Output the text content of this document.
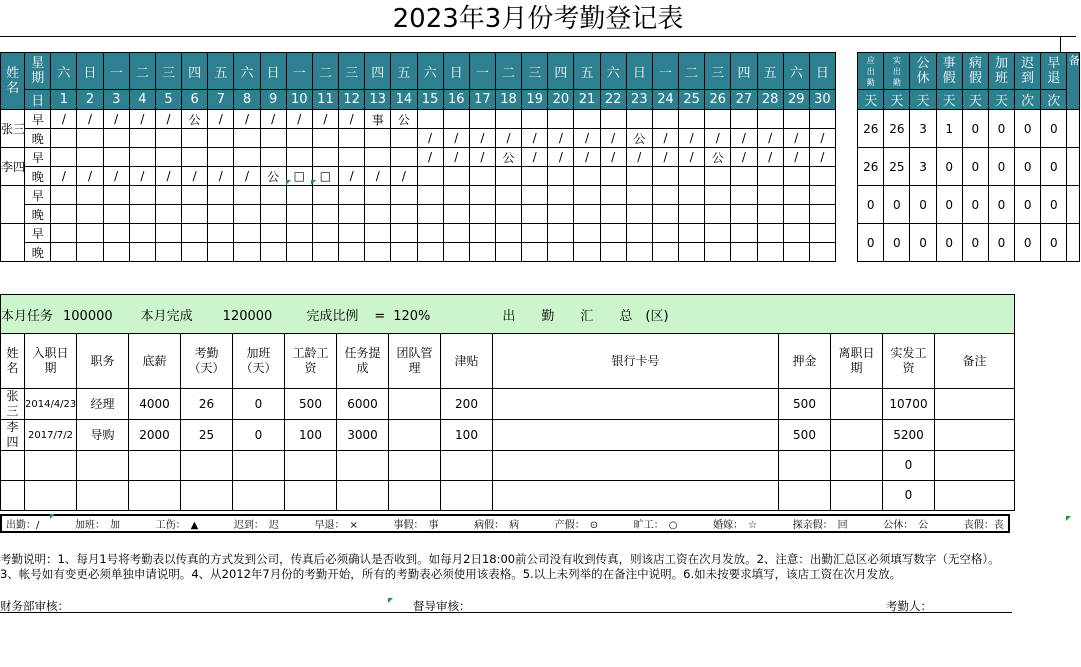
2023年3月份考勤登记表
姓名	星期	六	日	一	二	三	四	五	六	日	一	二	三	四	五	六	日	一	二	三	四	五	六	日	一	二	三	四	五	六	日		应出勤	实出勤	公休	事假	病假	加班	迟到	早退	备

	日	1	2	3	4	5	6	7	8	9	10	11	12	13	14	15	16	17	18	19	20	21	22	23	24	25	26	27	28	29	30		天	天	天	天	天	天	次	次	
张三	早	/	/	/	/	/	公	/	/	/	/	/	/	事	公																		26	26	3	1	0	0	0	0	
	晚															/	/	/	/	/	/	/	/	公	/	/	/	/	/	/	/										
李四	早															/	/	/	公	/	/	/	/	/	/	/	公	/	/	/	/		26	25	3	0	0	0	0	0	
	晚	/	/	/	/	/	/	/	/	公	□	□	/	/	/																										
	早																																0	0	0	0	0	0	0	0	
	晚																																								
	早																																0	0	0	0	0	0	0	0	
	晚																																								
本月任务 100000 本月完成 120000 完成比例 = 120% 出　　勤　　汇　　总　(区)														

姓名	入职日期	职务	底薪	考勤（天）	加班（天）	工龄工资	任务提成	团队管理	津贴	银行卡号	押金	离职日期	实发工资	备注

张三	2014/4/23	经理	4000	26	0	500	6000		200		500		10700	

李四	2017/7/2	导购	2000	25	0	100	3000		100		500		5200	

													0	

													0	

出勤：/	加班：　加	工伤：　▲	迟到：　迟	早退：　×	事假：　事	病假：　病	产假：　⊙	旷工：　○	婚嫁：　☆	探亲假：　回	公休：　公	丧假：丧
考勤说明：1、每月1号将考勤表以传真的方式发到公司，传真后必须确认是否收到。如每月2日18:00前公司没有收到传真，则该店工资在次月发放。2、注意：出勤汇总区必须填写数字（无空格）。3、帐号如有变更必须单独申请说明。4、从2012年7月份的考勤开始，所有的考勤表必须使用该表格。5.以上未列举的在备注中说明。6.如未按要求填写，该店工资在次月发放。
财务部审核：	督导审核：	考勤人：
